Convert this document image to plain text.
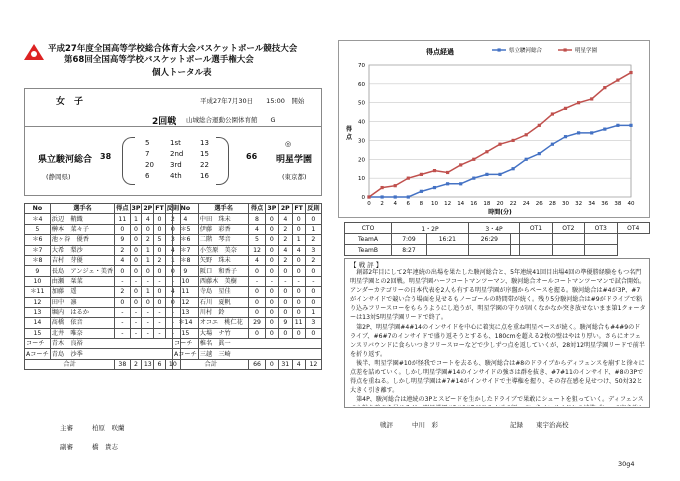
平成27年度全国高等学校総合体育大会バスケットボール競技大会
第68回全国高等学校バスケットボール選手権大会
個人トータル表
女　子	平成27年7月30日　　15:00　開始
2回戦 山城総合運動公園体育館　　G
県立駿河総合
(静岡県)
38
5	1st	13
7	2nd 15
20 3rd	22
6	4th	16
66
◎
明星学園
(東京都)
No	選手名	得点	3P	2P	FT	反則
＊4	浜辺　鞘織	11	1	4	0	2
5	榊本　菜々子	0	0	0	0	0
＊6	池ヶ谷　優香	9	0	2	5	3
＊7	大希　梨沙	2	0	1	0	4
＊8	吉村　芽優	4	0	1	2	1
9	長島　アンジェ・美香	0	0	0	0	0
10	由瀬　栞菜	-	-	-	-	-
＊11	加藤　遥	2	0	1	0	4
12	田中　凛	0	0	0	0	0
13	堀内　はるか	-	-	-	-	-
14	髙橋　依音	-	-	-	-	-
15	北井　唯奈	-	-	-	-	-
コーチ	青木　良裕					
Aコーチ	青島　沙季					
合計		38	2	13	6	10
No	選手名	得点	3P	2P	FT	反則
4	中田　珠未	8	0	4	0	0
＊5	伊藤　彩香	4	0	2	0	1
＊6	二階　琴音	5	0	2	1	2
＊7	小笠原　美奈	12	0	4	4	3
＊8	矢野　珠未	4	0	2	0	2
9	阪口　和香子	0	0	0	0	0
10	西藤木　美樹	-	-	-	-	-
11	寺島　星佳	0	0	0	0	0
12	石川　夏帆	0	0	0	0	0
13	川村　鈴	0	0	0	0	1
＊14	オコエ　桃仁花	29	0	9	11	3
15	大場　ナ竹	0	0	0	0	0
コーチ	椎名　眞一					
Aコーチ	三越　三崎					
合計		66	0	31	4	12
主審	柏原　咲蘭
副審	橋　貴志
0
10
20
30
40
50
60
70
0 2 4 6 8 10 12 14 16 18 20 22 24 26 28 30 32 34 36 38 40
得点経過
時間(分)
得点
県立駿河総合	明星学園
CTO	1・2P		3・4P		OT1	OT2	OT3	OT4
TeamA	7:09	16:21	26:29					
TeamB	8:27							
【 戦 評 】
　創部2年目にして2年連続の出場を果たした駿河総合と、5年連続41回目出場4回の準優勝経験をもつ名門明星学園との2回戦。明星学園ハーフコートマンツーマン、駿河総合オールコートマンツーマンで試合開始。アンダーカテゴリーの日本代表を2人も有する明星学園が序盤からペースを握る。駿河総合は#4が3P、#7がインサイドで競い合う場面を見せるもノーゴールの時間帯が続く。残り5分駿河総合は#9がドライブで粘り込みフリースローをもらうようにし追うが、明星学園の守りが固くなかなか突き放せないまま第1クォーターは13対5明星学園リードで終了。
　第2P、明星学園#4#14のインサイドを中心に着実に点を重ね明星ペースが続く。駿河総合も#4#9のドライブ、#6#7のインサイドで盛り返そうとするも、180cmを超える2枚の壁はやはり厚い。さらにオフェンスリバウンドに食らいつきフリースローなどで少しずつ点を返していくが、28対12明星学園リードで前半を折り返す。
　後半、明星学園#10が怪我でコートを去るも、駿河総合は#8のドライブからディフェンスを崩すと徐々に点差を詰めていく。しかし明星学園#14のインサイドの強さは群を抜き、#7#11のインサイド、#8の3Pで得点を重ねる。しかし明星学園は#7#14がインサイドで主導権を握り、その存在感を見せつけ、50対32と大きく引き離す。
　第4P、駿河総合は連続の3Pとスピードを生かしたドライブで果敢にシュートを狙っていく。ディフェンス
戦評	中川　彩	記録 東宇治高校
30g4
